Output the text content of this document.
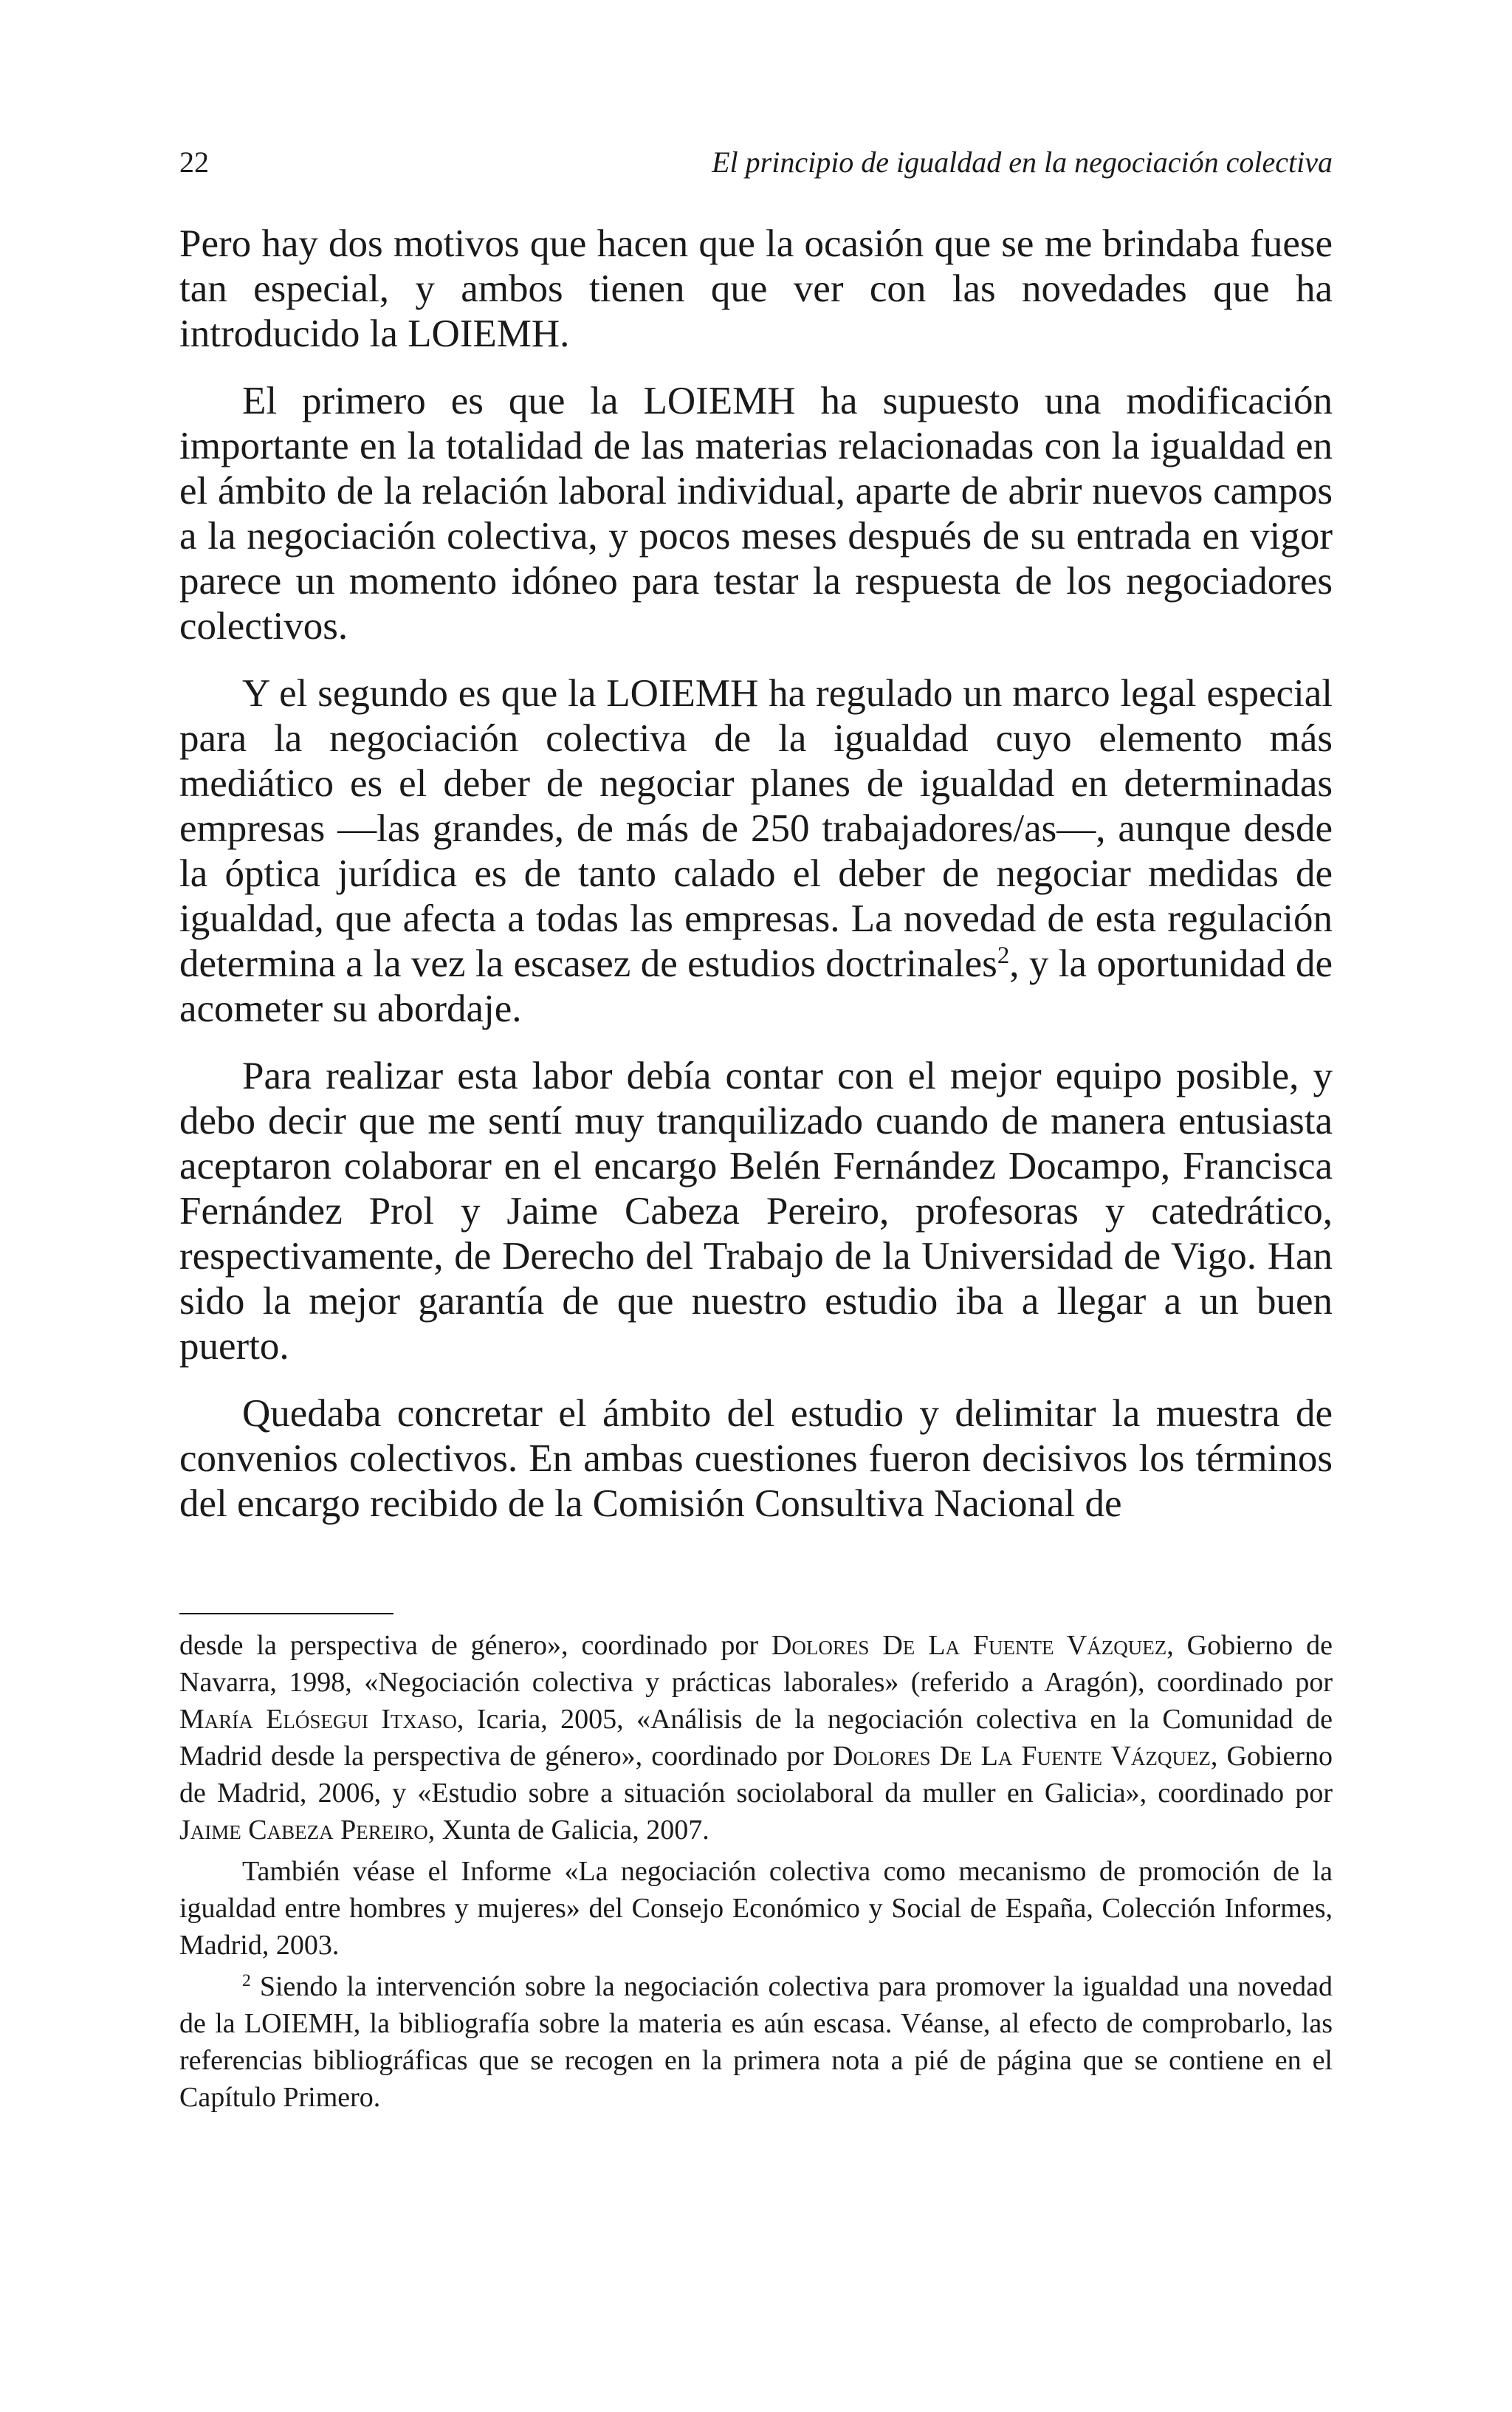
22	El principio de igualdad en la negociación colectiva

Pero hay dos motivos que hacen que la ocasión que se me brindaba fuese tan especial, y ambos tienen que ver con las novedades que ha introducido la LOIEMH.

El primero es que la LOIEMH ha supuesto una modificación importante en la totalidad de las materias relacionadas con la igualdad en el ámbito de la relación laboral individual, aparte de abrir nuevos campos a la negociación colectiva, y pocos meses después de su entrada en vigor parece un momento idóneo para testar la respuesta de los negociadores colectivos.

Y el segundo es que la LOIEMH ha regulado un marco legal especial para la negociación colectiva de la igualdad cuyo elemento más mediático es el deber de negociar planes de igualdad en determinadas empresas —las grandes, de más de 250 trabajadores/as—, aunque desde la óptica jurídica es de tanto calado el deber de negociar medidas de igualdad, que afecta a todas las empresas. La novedad de esta regulación determina a la vez la escasez de estudios doctrinales$^2$, y la oportunidad de acometer su abordaje.

Para realizar esta labor debía contar con el mejor equipo posible, y debo decir que me sentí muy tranquilizado cuando de manera entusiasta aceptaron colaborar en el encargo Belén Fernández Docampo, Francisca Fernández Prol y Jaime Cabeza Pereiro, profesoras y catedrático, respectivamente, de Derecho del Trabajo de la Universidad de Vigo. Han sido la mejor garantía de que nuestro estudio iba a llegar a un buen puerto.

Quedaba concretar el ámbito del estudio y delimitar la muestra de convenios colectivos. En ambas cuestiones fueron decisivos los términos del encargo recibido de la Comisión Consultiva Nacional de

desde la perspectiva de género», coordinado por Dolores De La Fuente Vázquez, Gobierno de Navarra, 1998, «Negociación colectiva y prácticas laborales» (referido a Aragón), coordinado por María Elósegui Itxaso, Icaria, 2005, «Análisis de la negociación colectiva en la Comunidad de Madrid desde la perspectiva de género», coordinado por Dolores De La Fuente Vázquez, Gobierno de Madrid, 2006, y «Estudio sobre a situación sociolaboral da muller en Galicia», coordinado por Jaime Cabeza Pereiro, Xunta de Galicia, 2007.

También véase el Informe «La negociación colectiva como mecanismo de promoción de la igualdad entre hombres y mujeres» del Consejo Económico y Social de España, Colección Informes, Madrid, 2003.

$^2$ Siendo la intervención sobre la negociación colectiva para promover la igualdad una novedad de la LOIEMH, la bibliografía sobre la materia es aún escasa. Véanse, al efecto de comprobarlo, las referencias bibliográficas que se recogen en la primera nota a pié de página que se contiene en el Capítulo Primero.
